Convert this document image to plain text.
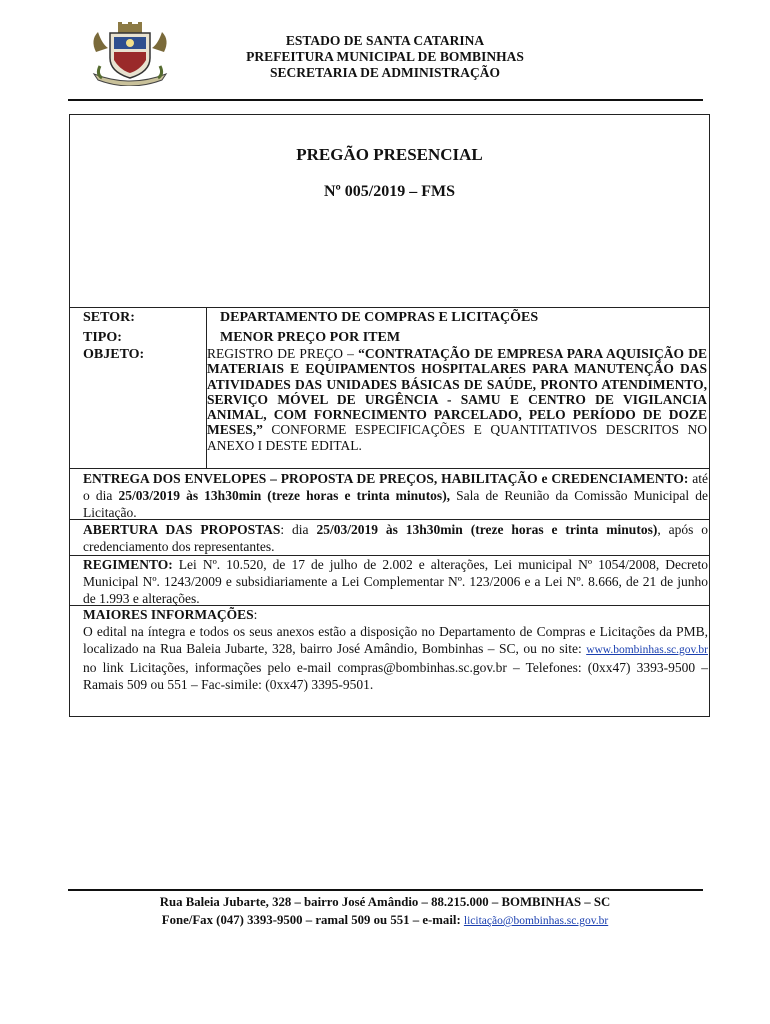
ESTADO DE SANTA CATARINA
PREFEITURA MUNICIPAL DE BOMBINHAS
SECRETARIA DE ADMINISTRAÇÃO
PREGÃO PRESENCIAL
Nº 005/2019 – FMS
SETOR:	DEPARTAMENTO DE COMPRAS E LICITAÇÕES
TIPO:	MENOR PREÇO POR ITEM
OBJETO:	REGISTRO DE PREÇO – “CONTRATAÇÃO DE EMPRESA PARA AQUISIÇÃO DE MATERIAIS E EQUIPAMENTOS HOSPITALARES PARA MANUTENÇÃO DAS ATIVIDADES DAS UNIDADES BÁSICAS DE SAÚDE, PRONTO ATENDIMENTO, SERVIÇO MÓVEL DE URGÊNCIA - SAMU E CENTRO DE VIGILANCIA ANIMAL, COM FORNECIMENTO PARCELADO, PELO PERÍODO DE DOZE MESES,” CONFORME ESPECIFICAÇÕES E QUANTITATIVOS DESCRITOS NO ANEXO I DESTE EDITAL.
ENTREGA DOS ENVELOPES – PROPOSTA DE PREÇOS, HABILITAÇÃO e CREDENCIAMENTO: até o dia 25/03/2019 às 13h30min (treze horas e trinta minutos), Sala de Reunião da Comissão Municipal de Licitação.
ABERTURA DAS PROPOSTAS: dia 25/03/2019 às 13h30min (treze horas e trinta minutos), após o credenciamento dos representantes.
REGIMENTO: Lei Nº. 10.520, de 17 de julho de 2.002 e alterações, Lei municipal Nº 1054/2008, Decreto Municipal Nº. 1243/2009 e subsidiariamente a Lei Complementar Nº. 123/2006 e a Lei Nº. 8.666, de 21 de junho de 1.993 e alterações.
MAIORES INFORMAÇÕES:
O edital na íntegra e todos os seus anexos estão a disposição no Departamento de Compras e Licitações da PMB, localizado na Rua Baleia Jubarte, 328, bairro José Amândio, Bombinhas – SC, ou no site: www.bombinhas.sc.gov.br no link Licitações, informações pelo e-mail compras@bombinhas.sc.gov.br – Telefones: (0xx47) 3393-9500 – Ramais 509 ou 551 – Fac-simile: (0xx47) 3395-9501.
Rua Baleia Jubarte, 328 – bairro José Amândio – 88.215.000 – BOMBINHAS – SC
Fone/Fax (047) 3393-9500 – ramal 509 ou 551 – e-mail: licitação@bombinhas.sc.gov.br
